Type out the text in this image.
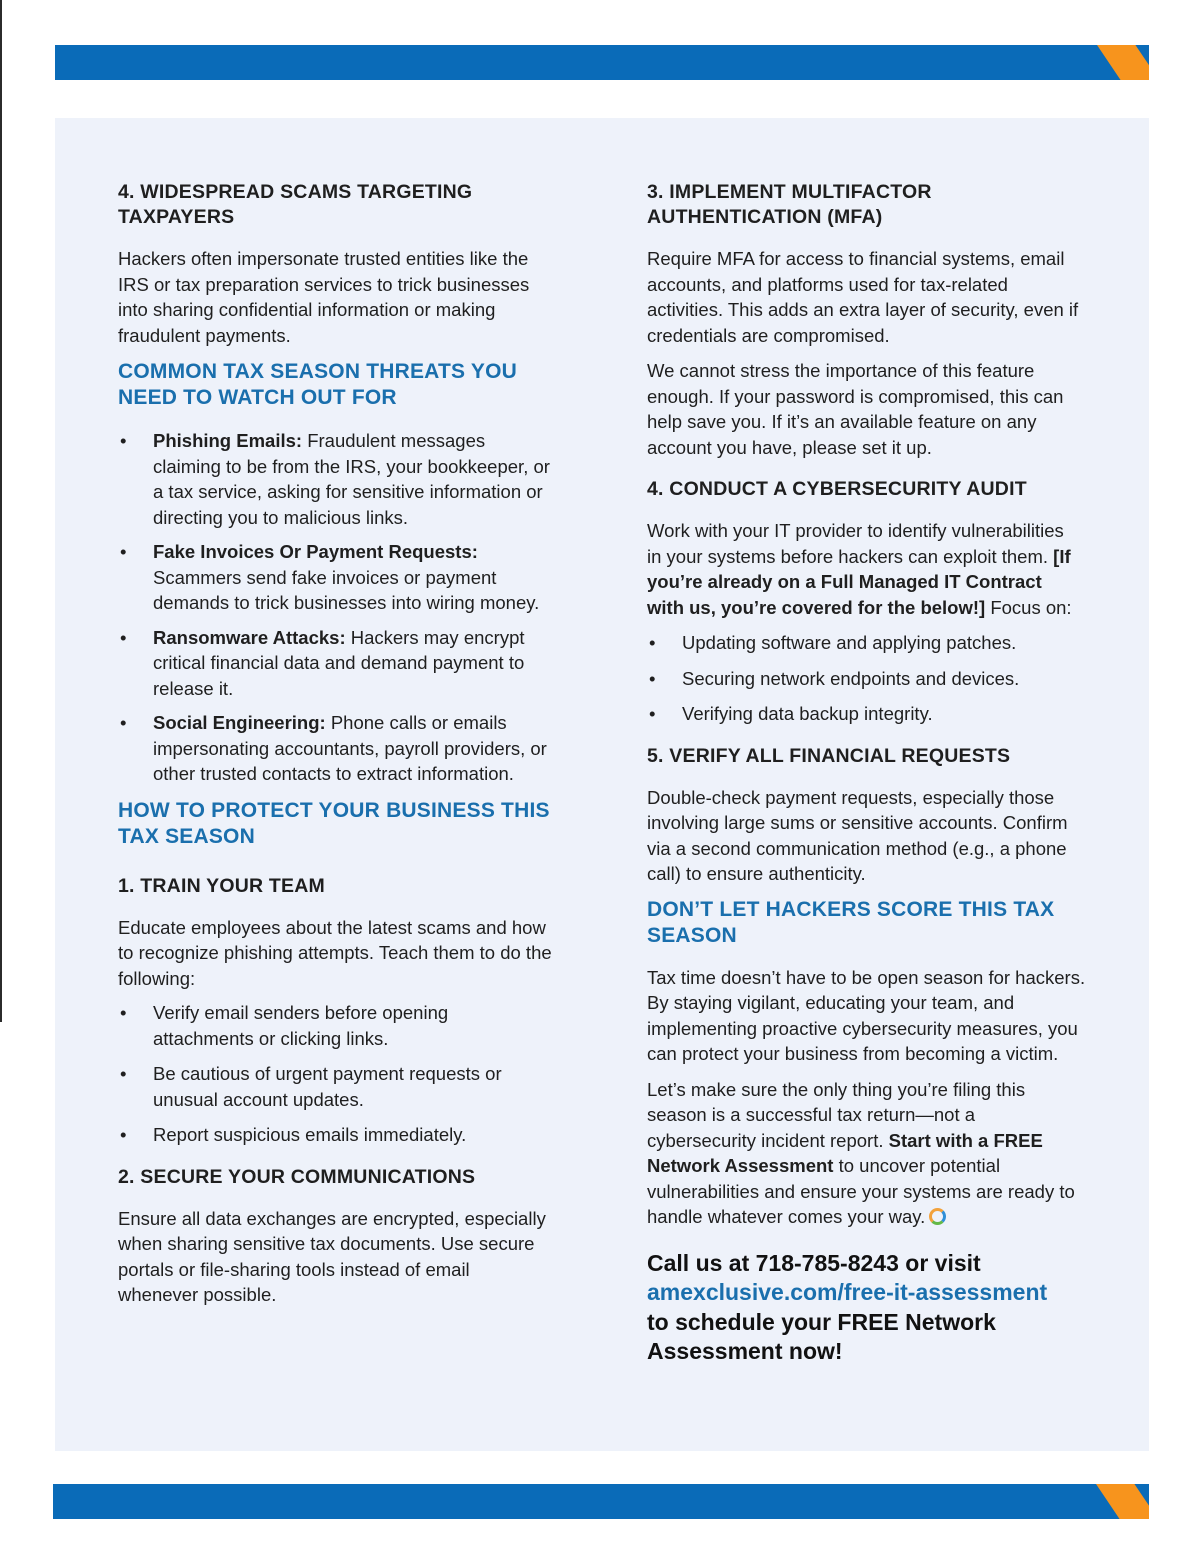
4. WIDESPREAD SCAMS TARGETING TAXPAYERS

Hackers often impersonate trusted entities like the IRS or tax preparation services to trick businesses into sharing confidential information or making fraudulent payments.

COMMON TAX SEASON THREATS YOU NEED TO WATCH OUT FOR
• Phishing Emails: Fraudulent messages claiming to be from the IRS, your bookkeeper, or a tax service, asking for sensitive information or directing you to malicious links.
• Fake Invoices Or Payment Requests: Scammers send fake invoices or payment demands to trick businesses into wiring money.
• Ransomware Attacks: Hackers may encrypt critical financial data and demand payment to release it.
• Social Engineering: Phone calls or emails impersonating accountants, payroll providers, or other trusted contacts to extract information.
HOW TO PROTECT YOUR BUSINESS THIS TAX SEASON
1. TRAIN YOUR TEAM

Educate employees about the latest scams and how to recognize phishing attempts. Teach them to do the following:

• Verify email senders before opening attachments or clicking links.
• Be cautious of urgent payment requests or unusual account updates.
• Report suspicious emails immediately.
2. SECURE YOUR COMMUNICATIONS

Ensure all data exchanges are encrypted, especially when sharing sensitive tax documents. Use secure portals or file-sharing tools instead of email whenever possible.

3. IMPLEMENT MULTIFACTOR AUTHENTICATION (MFA)

Require MFA for access to financial systems, email accounts, and platforms used for tax-related activities. This adds an extra layer of security, even if credentials are compromised.

We cannot stress the importance of this feature enough. If your password is compromised, this can help save you. If it’s an available feature on any account you have, please set it up.

4. CONDUCT A CYBERSECURITY AUDIT

Work with your IT provider to identify vulnerabilities in your systems before hackers can exploit them. [If you’re already on a Full Managed IT Contract with us, you’re covered for the below!] Focus on:

• Updating software and applying patches.
• Securing network endpoints and devices.
• Verifying data backup integrity.
5. VERIFY ALL FINANCIAL REQUESTS

Double-check payment requests, especially those involving large sums or sensitive accounts. Confirm via a second communication method (e.g., a phone call) to ensure authenticity.

DON’T LET HACKERS SCORE THIS TAX SEASON

Tax time doesn’t have to be open season for hackers. By staying vigilant, educating your team, and implementing proactive cybersecurity measures, you can protect your business from becoming a victim.

Let’s make sure the only thing you’re filing this season is a successful tax return—not a cybersecurity incident report. Start with a FREE Network Assessment to uncover potential vulnerabilities and ensure your systems are ready to handle whatever comes your way.

Call us at 718-785-8243 or visit
amexclusive.com/free-it-assessment
to schedule your FREE Network Assessment now!
